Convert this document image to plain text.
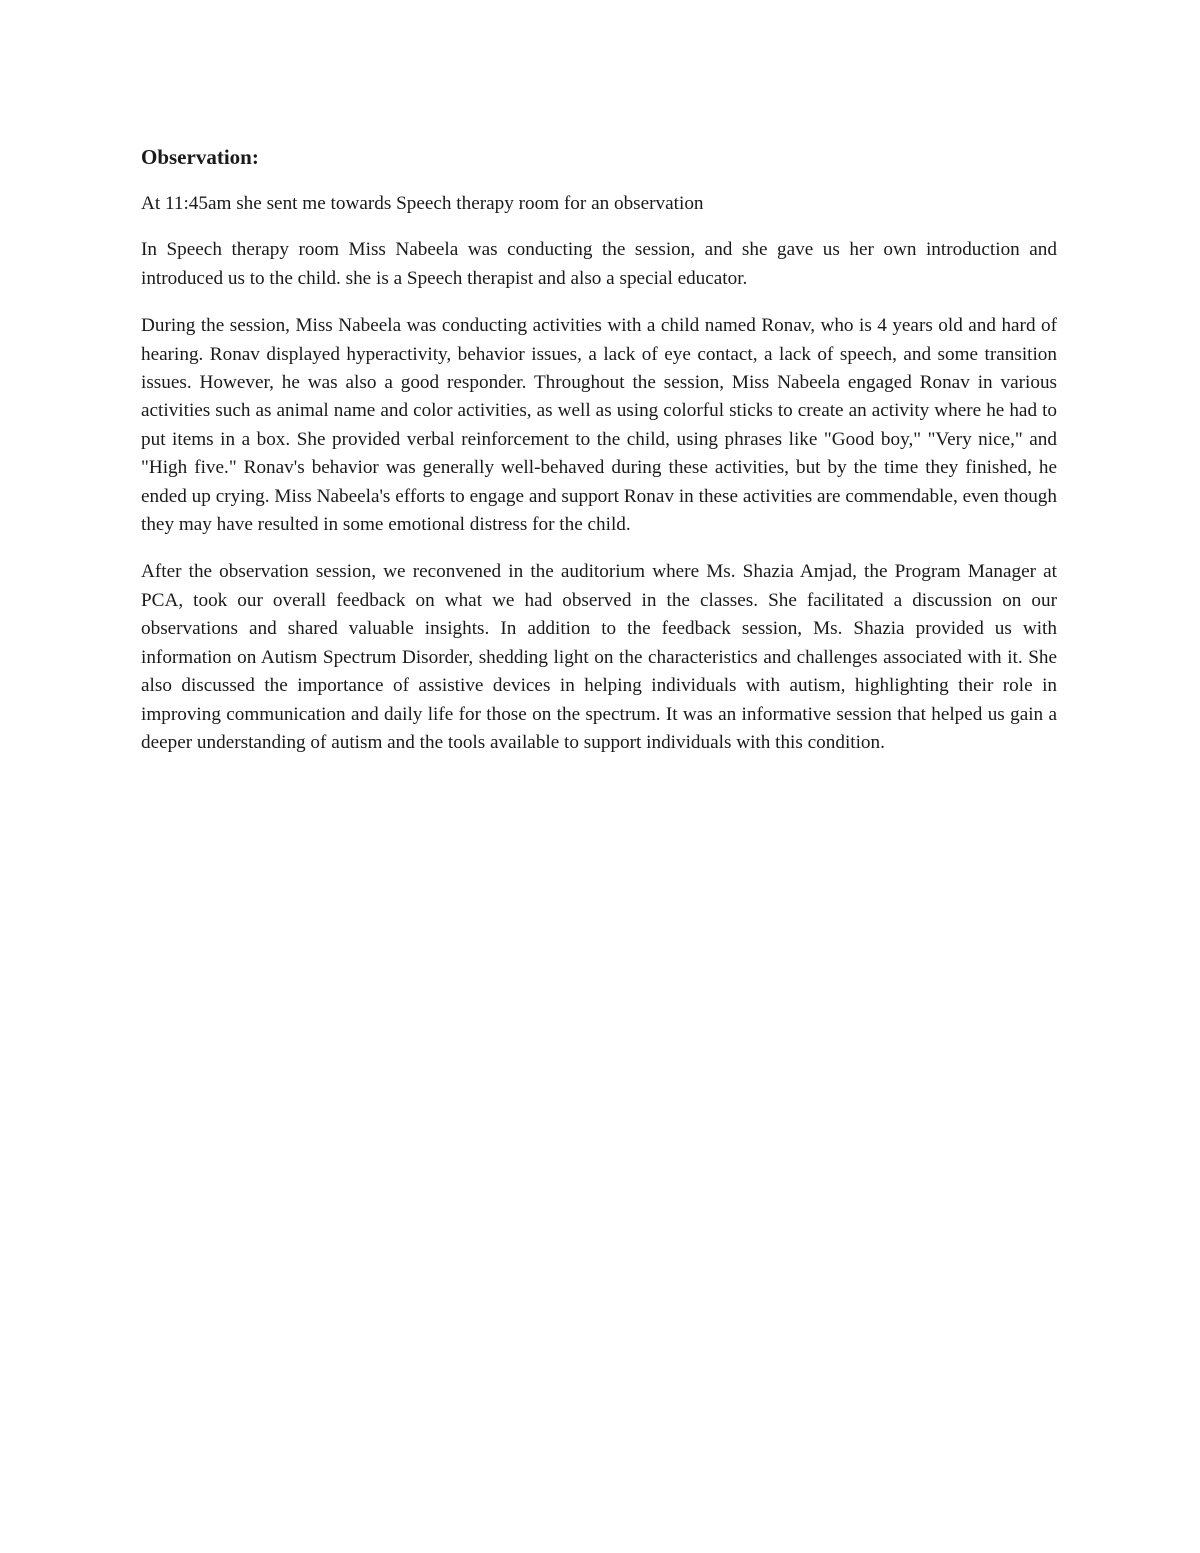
Observation:

At 11:45am she sent me towards Speech therapy room for an observation

In Speech therapy room Miss Nabeela was conducting the session, and she gave us her own introduction and introduced us to the child. she is a Speech therapist and also a special educator.

During the session, Miss Nabeela was conducting activities with a child named Ronav, who is 4 years old and hard of hearing. Ronav displayed hyperactivity, behavior issues, a lack of eye contact, a lack of speech, and some transition issues. However, he was also a good responder. Throughout the session, Miss Nabeela engaged Ronav in various activities such as animal name and color activities, as well as using colorful sticks to create an activity where he had to put items in a box. She provided verbal reinforcement to the child, using phrases like "Good boy," "Very nice," and "High five." Ronav's behavior was generally well-behaved during these activities, but by the time they finished, he ended up crying. Miss Nabeela's efforts to engage and support Ronav in these activities are commendable, even though they may have resulted in some emotional distress for the child.

After the observation session, we reconvened in the auditorium where Ms. Shazia Amjad, the Program Manager at PCA, took our overall feedback on what we had observed in the classes. She facilitated a discussion on our observations and shared valuable insights. In addition to the feedback session, Ms. Shazia provided us with information on Autism Spectrum Disorder, shedding light on the characteristics and challenges associated with it. She also discussed the importance of assistive devices in helping individuals with autism, highlighting their role in improving communication and daily life for those on the spectrum. It was an informative session that helped us gain a deeper understanding of autism and the tools available to support individuals with this condition.
